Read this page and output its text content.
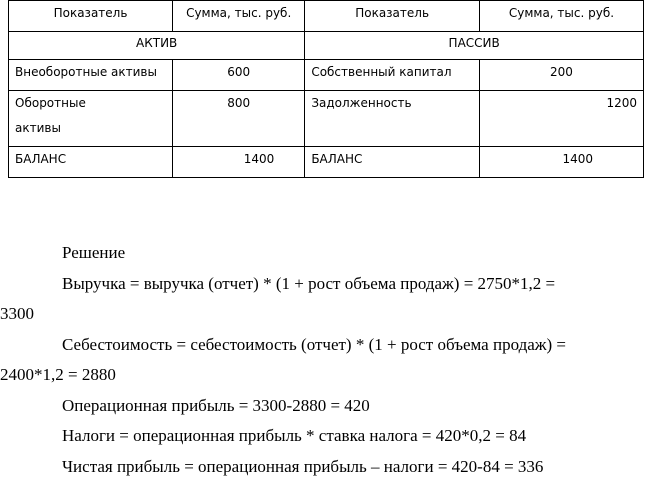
Показатель	Сумма, тыс. руб.	Показатель	Сумма, тыс. руб.
АКТИВ		ПАССИВ	
Внеоборотные активы	600	Собственный капитал	200

Оборотные активы	800	Задолженность	1200
БАЛАНС	1400	БАЛАНС	1400

Решение

Выручка = выручка (отчет) * (1 + рост объема продаж) = 2750*1,2 =

3300

Себестоимость = себестоимость (отчет) * (1 + рост объема продаж) =

2400*1,2 = 2880

Операционная прибыль = 3300-2880 = 420

Налоги = операционная прибыль * ставка налога = 420*0,2 = 84

Чистая прибыль = операционная прибыль – налоги = 420-84 = 336
